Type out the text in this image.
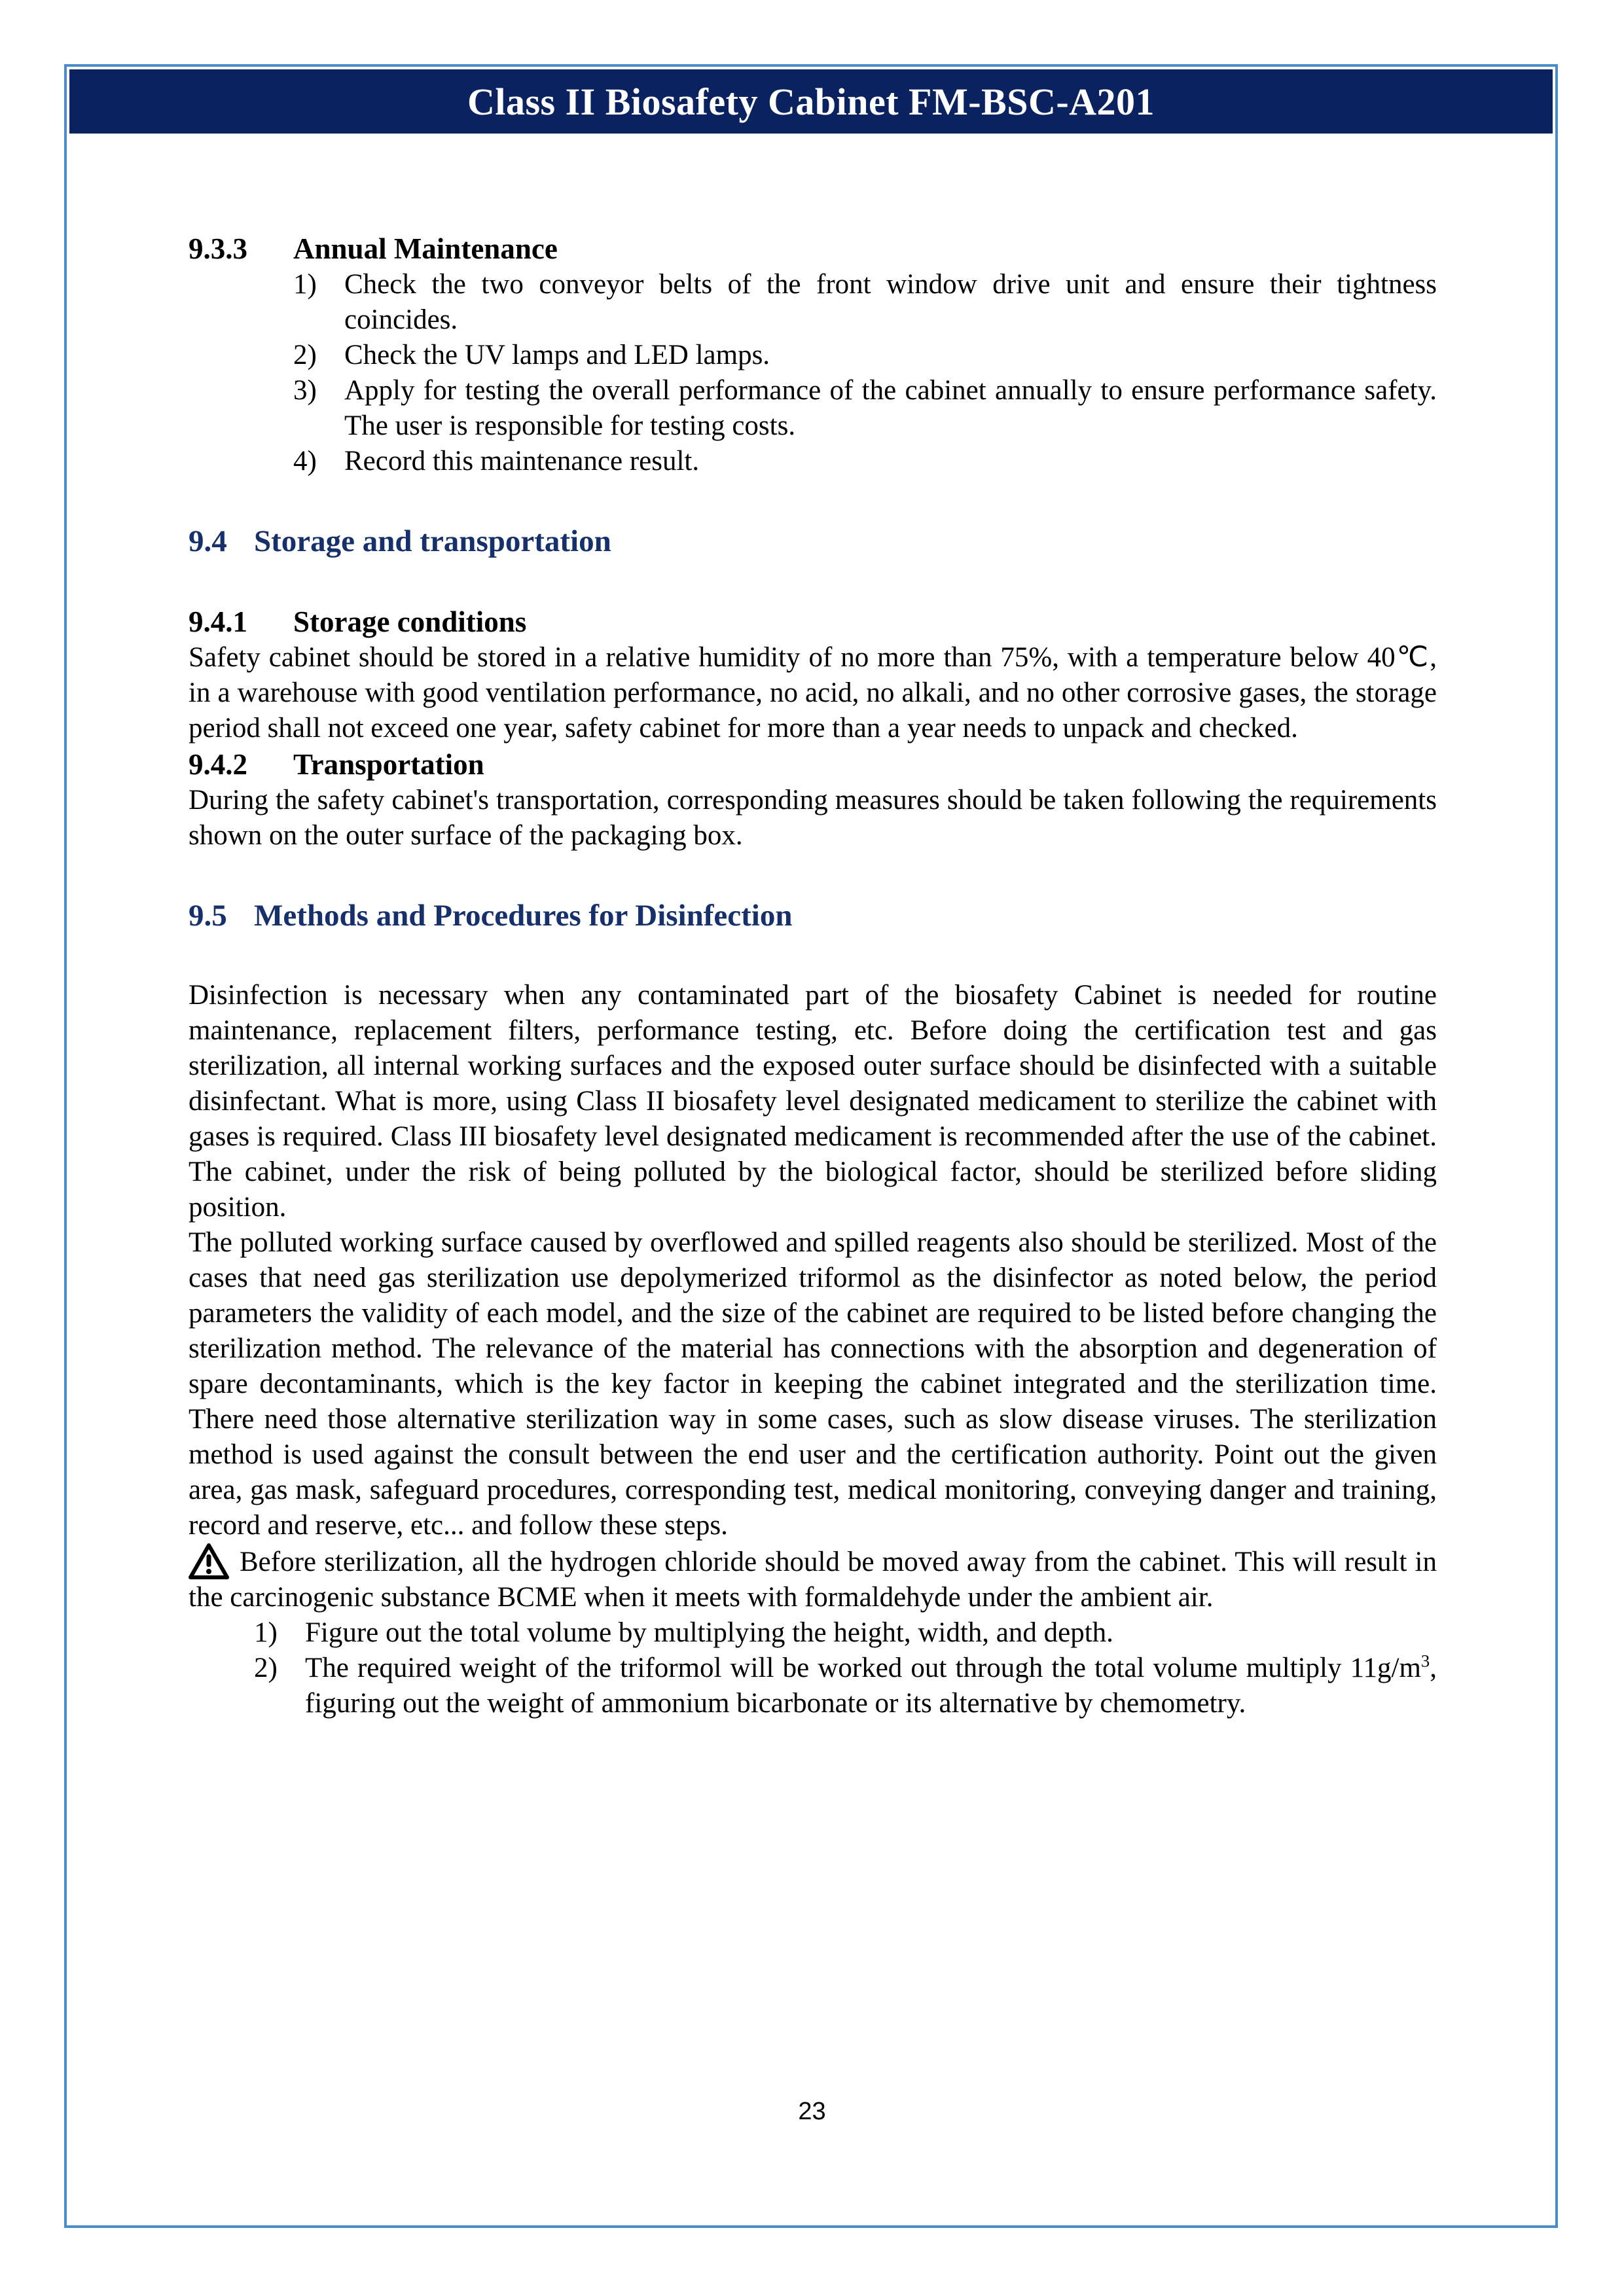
Class II Biosafety Cabinet FM-BSC-A201
9.3.3 Annual Maintenance
1) Check the two conveyor belts of the front window drive unit and ensure their tightness coincides.
2) Check the UV lamps and LED lamps.
3) Apply for testing the overall performance of the cabinet annually to ensure performance safety. The user is responsible for testing costs.
4) Record this maintenance result.
9.4 Storage and transportation
9.4.1 Storage conditions
Safety cabinet should be stored in a relative humidity of no more than 75%, with a temperature below 40℃, in a warehouse with good ventilation performance, no acid, no alkali, and no other corrosive gases, the storage period shall not exceed one year, safety cabinet for more than a year needs to unpack and checked.
9.4.2 Transportation
During the safety cabinet's transportation, corresponding measures should be taken following the requirements shown on the outer surface of the packaging box.
9.5 Methods and Procedures for Disinfection
Disinfection is necessary when any contaminated part of the biosafety Cabinet is needed for routine maintenance, replacement filters, performance testing, etc. Before doing the certification test and gas sterilization, all internal working surfaces and the exposed outer surface should be disinfected with a suitable disinfectant. What is more, using Class II biosafety level designated medicament to sterilize the cabinet with gases is required. Class III biosafety level designated medicament is recommended after the use of the cabinet. The cabinet, under the risk of being polluted by the biological factor, should be sterilized before sliding position.
The polluted working surface caused by overflowed and spilled reagents also should be sterilized. Most of the cases that need gas sterilization use depolymerized triformol as the disinfector as noted below, the period parameters the validity of each model, and the size of the cabinet are required to be listed before changing the sterilization method. The relevance of the material has connections with the absorption and degeneration of spare decontaminants, which is the key factor in keeping the cabinet integrated and the sterilization time. There need those alternative sterilization way in some cases, such as slow disease viruses. The sterilization method is used against the consult between the end user and the certification authority. Point out the given area, gas mask, safeguard procedures, corresponding test, medical monitoring, conveying danger and training, record and reserve, etc... and follow these steps.
Before sterilization, all the hydrogen chloride should be moved away from the cabinet. This will result in the carcinogenic substance BCME when it meets with formaldehyde under the ambient air.
1) Figure out the total volume by multiplying the height, width, and depth.
2) The required weight of the triformol will be worked out through the total volume multiply $11g/m^3$, figuring out the weight of ammonium bicarbonate or its alternative by chemometry.
23
